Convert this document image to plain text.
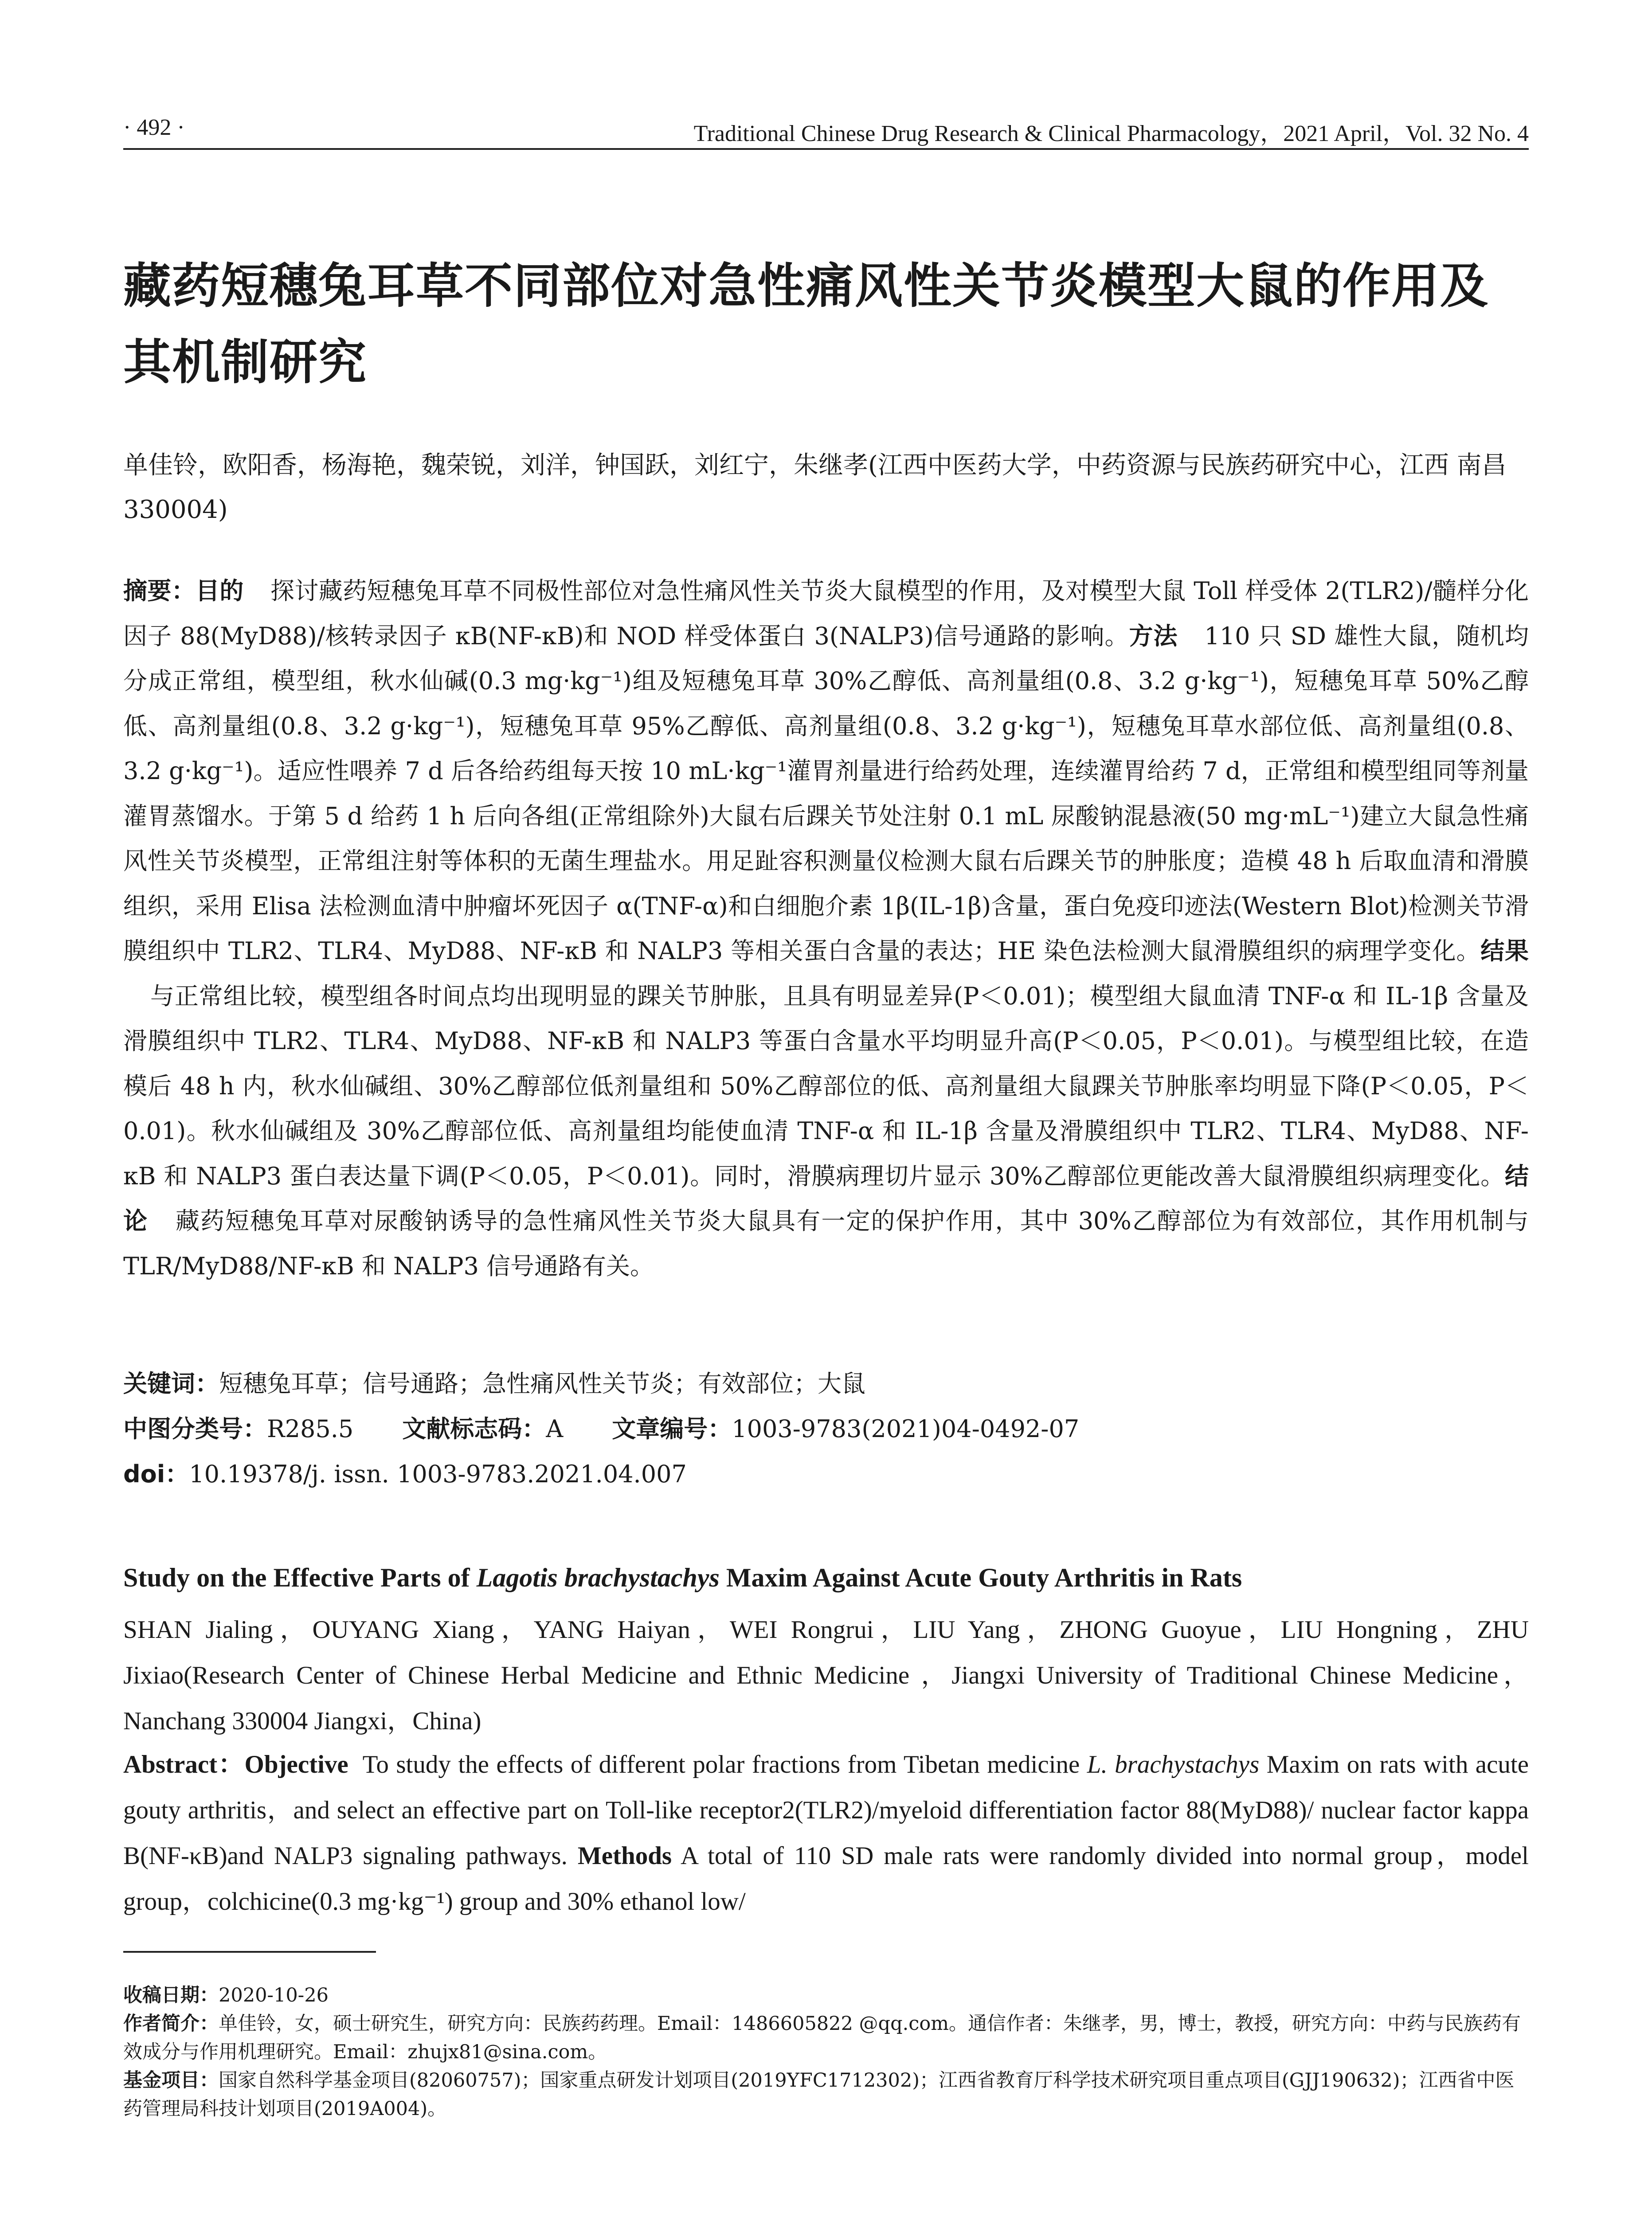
· 492 ·	Traditional Chinese Drug Research & Clinical Pharmacology，2021 April，Vol. 32 No. 4
藏药短穗兔耳草不同部位对急性痛风性关节炎模型大鼠的作用及其机制研究
单佳铃，欧阳香，杨海艳，魏荣锐，刘洋，钟国跃，刘红宁，朱继孝(江西中医药大学，中药资源与民族药研究中心，江西 南昌 330004)
摘要：目的 探讨藏药短穗兔耳草不同极性部位对急性痛风性关节炎大鼠模型的作用，及对模型大鼠 Toll 样受体 2(TLR2)/髓样分化因子 88(MyD88)/核转录因子 κB(NF-κB)和 NOD 样受体蛋白 3(NALP3)信号通路的影响。方法 110 只 SD 雄性大鼠，随机均分成正常组，模型组，秋水仙碱(0.3 mg·kg⁻¹)组及短穗兔耳草 30%乙醇低、高剂量组(0.8、3.2 g·kg⁻¹)，短穗兔耳草 50%乙醇低、高剂量组(0.8、3.2 g·kg⁻¹)，短穗兔耳草 95%乙醇低、高剂量组(0.8、3.2 g·kg⁻¹)，短穗兔耳草水部位低、高剂量组(0.8、3.2 g·kg⁻¹)。适应性喂养 7 d 后各给药组每天按 10 mL·kg⁻¹灌胃剂量进行给药处理，连续灌胃给药 7 d，正常组和模型组同等剂量灌胃蒸馏水。于第 5 d 给药 1 h 后向各组(正常组除外)大鼠右后踝关节处注射 0.1 mL 尿酸钠混悬液(50 mg·mL⁻¹)建立大鼠急性痛风性关节炎模型，正常组注射等体积的无菌生理盐水。用足趾容积测量仪检测大鼠右后踝关节的肿胀度；造模 48 h 后取血清和滑膜组织，采用 Elisa 法检测血清中肿瘤坏死因子 α(TNF-α)和白细胞介素 1β(IL-1β)含量，蛋白免疫印迹法(Western Blot)检测关节滑膜组织中 TLR2、TLR4、MyD88、NF-κB 和 NALP3 等相关蛋白含量的表达；HE 染色法检测大鼠滑膜组织的病理学变化。结果与正常组比较，模型组各时间点均出现明显的踝关节肿胀，且具有明显差异(P＜0.01)；模型组大鼠血清 TNF-α 和 IL-1β 含量及滑膜组织中 TLR2、TLR4、MyD88、NF-κB 和 NALP3 等蛋白含量水平均明显升高(P＜0.05，P＜0.01)。与模型组比较，在造模后 48 h 内，秋水仙碱组、30%乙醇部位低剂量组和 50%乙醇部位的低、高剂量组大鼠踝关节肿胀率均明显下降(P＜0.05，P＜0.01)。秋水仙碱组及 30%乙醇部位低、高剂量组均能使血清 TNF-α 和 IL-1β 含量及滑膜组织中 TLR2、TLR4、MyD88、NF-κB 和 NALP3 蛋白表达量下调(P＜0.05，P＜0.01)。同时，滑膜病理切片显示 30%乙醇部位更能改善大鼠滑膜组织病理变化。结论 藏药短穗兔耳草对尿酸钠诱导的急性痛风性关节炎大鼠具有一定的保护作用，其中 30%乙醇部位为有效部位，其作用机制与 TLR/MyD88/NF-κB 和 NALP3 信号通路有关。
关键词：短穗兔耳草；信号通路；急性痛风性关节炎；有效部位；大鼠
中图分类号：R285.5 文献标志码：A 文章编号：1003-9783(2021)04-0492-07
doi：10.19378/j. issn. 1003-9783.2021.04.007
Study on the Effective Parts of Lagotis brachystachys Maxim Against Acute Gouty Arthritis in Rats
SHAN Jialing，OUYANG Xiang，YANG Haiyan，WEI Rongrui，LIU Yang，ZHONG Guoyue，LIU Hongning，ZHU Jixiao(Research Center of Chinese Herbal Medicine and Ethnic Medicine ，Jiangxi University of Traditional Chinese Medicine，Nanchang 330004 Jiangxi，China)
Abstract：Objective To study the effects of different polar fractions from Tibetan medicine L. brachystachys Maxim on rats with acute gouty arthritis，and select an effective part on Toll-like receptor2(TLR2)/myeloid differentiation factor 88(MyD88)/ nuclear factor kappa B(NF-κB)and NALP3 signaling pathways. Methods A total of 110 SD male rats were randomly divided into normal group，model group，colchicine(0.3 mg·kg⁻¹) group and 30% ethanol low/

收稿日期：2020-10-26

作者简介：单佳铃，女，硕士研究生，研究方向：民族药药理。Email：1486605822 @qq.com。通信作者：朱继孝，男，博士，教授，研究方向：中药与民族药有效成分与作用机理研究。Email：zhujx81@sina.com。

基金项目：国家自然科学基金项目(82060757)；国家重点研发计划项目(2019YFC1712302)；江西省教育厅科学技术研究项目重点项目(GJJ190632)；江西省中医药管理局科技计划项目(2019A004)。
